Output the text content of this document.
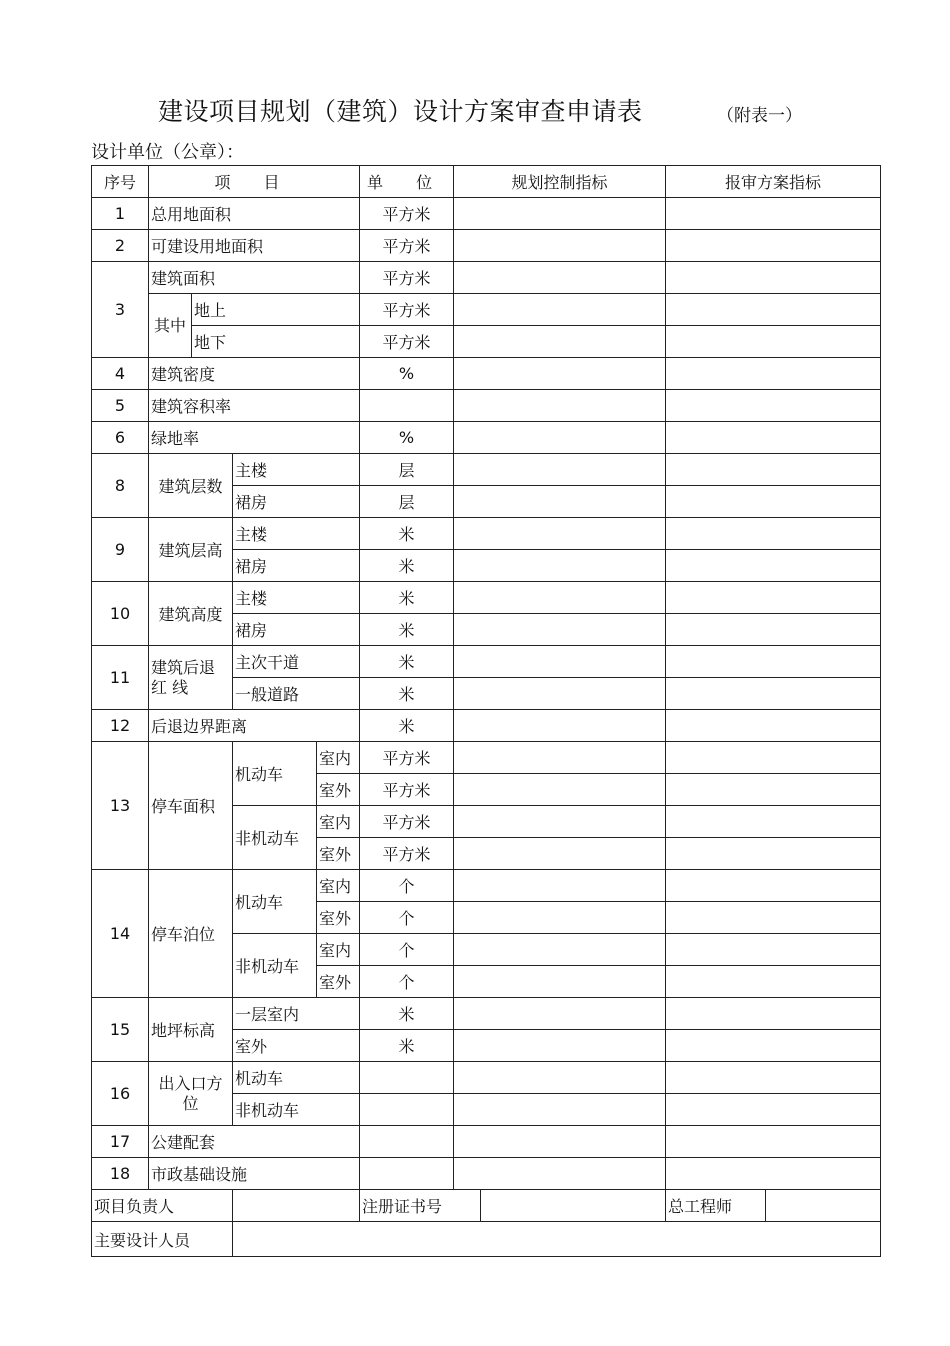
建设项目规划（建筑）设计方案审查申请表	（附表一）
设计单位（公章）：
序号	项 目				单 位	规划控制指标		报审方案指标	
1	总用地面积				平方米				
2	可建设用地面积				平方米				
3	建筑面积				平方米				
	其中	地上			平方米				
		地下			平方米				
4	建筑密度				%				
5	建筑容积率								
6	绿地率				%				
8	建筑层数		主楼		层				
			裙房		层				
9	建筑层高		主楼		米				
			裙房		米				
10	建筑高度		主楼		米				
			裙房		米				
11	建筑后退红 线		主次干道		米				
			一般道路		米				
12	后退边界距离				米				
13	停车面积		机动车	室内	平方米				
				室外	平方米				
			非机动车	室内	平方米				
				室外	平方米				
14	停车泊位		机动车	室内	个				
				室外	个				
			非机动车	室内	个				
				室外	个				
15	地坪标高		一层室内		米				
			室外		米				
16	出入口方 位		机动车						
			非机动车						
17	公建配套								
18	市政基础设施								
项目负责人					注册证书号			总工程师	
主要设计人员									
